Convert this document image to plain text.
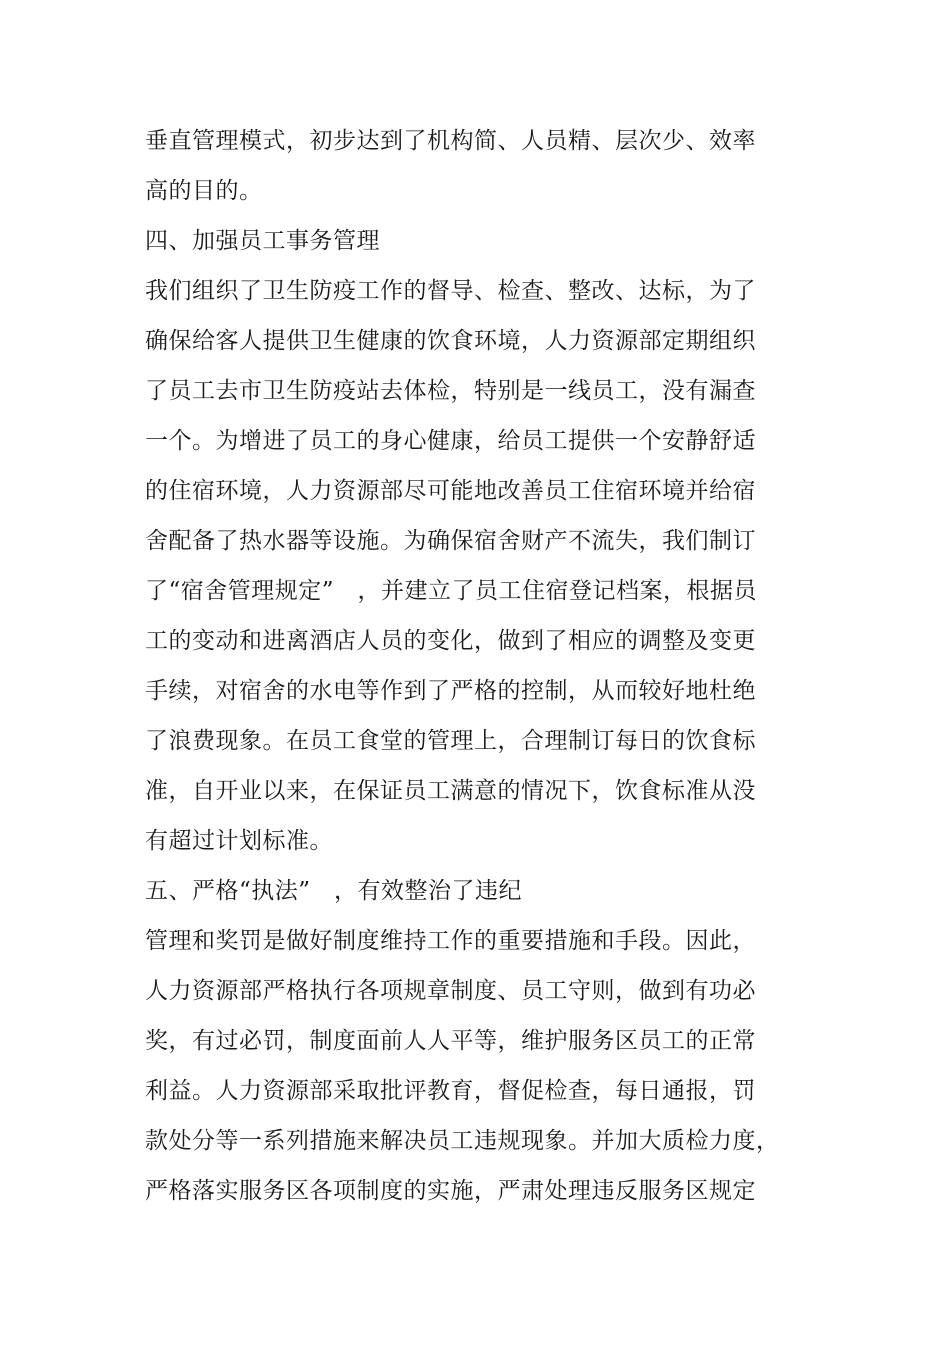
垂直管理模式，初步达到了机构简、人员精、层次少、效率
高的目的。
四、加强员工事务管理
我们组织了卫生防疫工作的督导、检查、整改、达标，为了
确保给客人提供卫生健康的饮食环境，人力资源部定期组织
了员工去市卫生防疫站去体检，特别是一线员工，没有漏查
一个。为增进了员工的身心健康，给员工提供一个安静舒适
的住宿环境，人力资源部尽可能地改善员工住宿环境并给宿
舍配备了热水器等设施。为确保宿舍财产不流失，我们制订
了“宿舍管理规定”　，并建立了员工住宿登记档案，根据员
工的变动和进离酒店人员的变化，做到了相应的调整及变更
手续，对宿舍的水电等作到了严格的控制，从而较好地杜绝
了浪费现象。在员工食堂的管理上，合理制订每日的饮食标
准，自开业以来，在保证员工满意的情况下，饮食标准从没
有超过计划标准。
五、严格“执法”　，有效整治了违纪
管理和奖罚是做好制度维持工作的重要措施和手段。因此，
人力资源部严格执行各项规章制度、员工守则，做到有功必
奖，有过必罚，制度面前人人平等，维护服务区员工的正常
利益。人力资源部采取批评教育，督促检查，每日通报，罚
款处分等一系列措施来解决员工违规现象。并加大质检力度，
严格落实服务区各项制度的实施，严肃处理违反服务区规定
